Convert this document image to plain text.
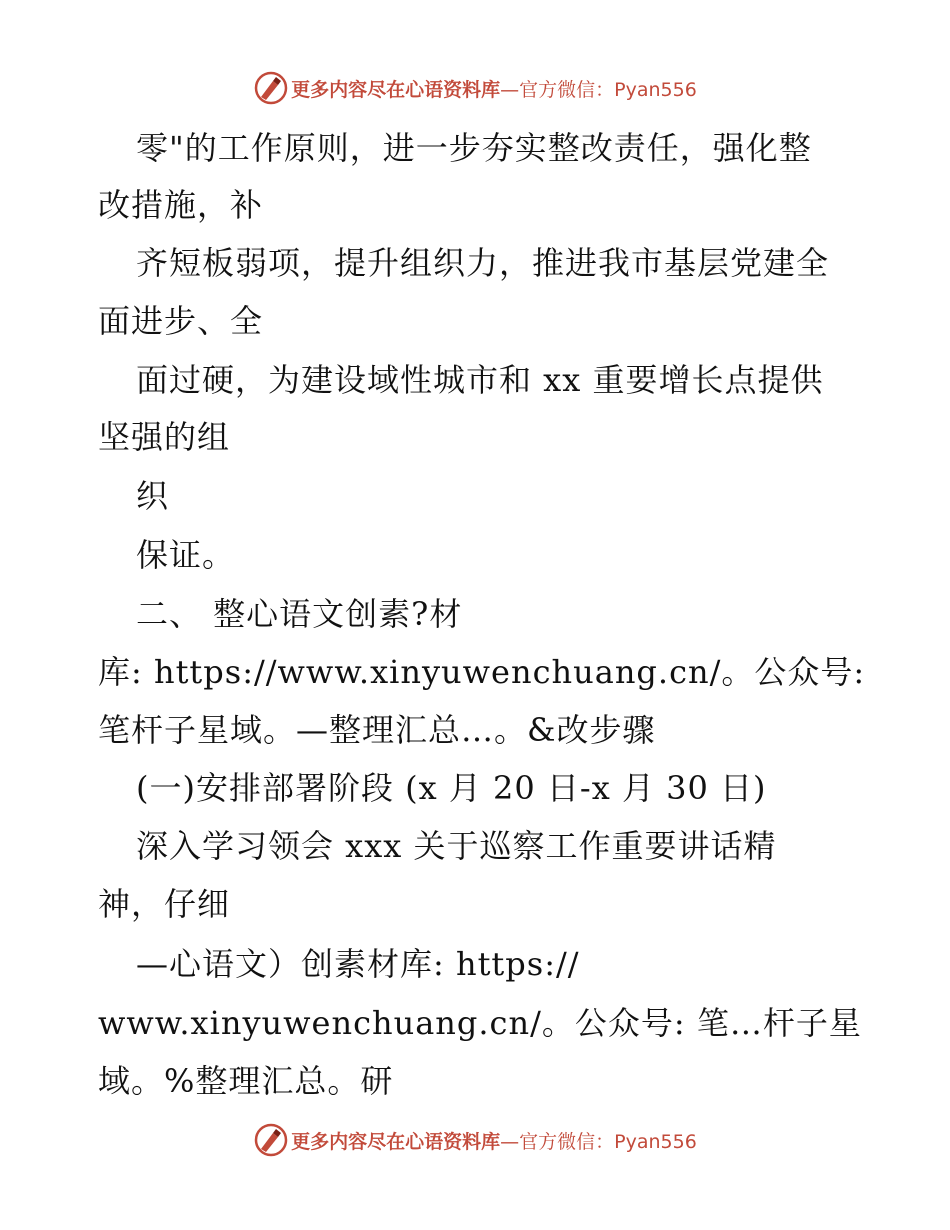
更多内容尽在心语资料库 —官方微信：Pyan556
零"的工作原则，进一步夯实整改责任，强化整
改措施，补
齐短板弱项，提升组织力，推进我市基层党建全
面进步、全
面过硬，为建设域性城市和 xx 重要增长点提供
坚强的组
织
保证。
二、 整心语文创素?材
库: https://www.xinyuwenchuang.cn/。公众号:
笔杆子星域。—整理汇总…。&改步骤
(一)安排部署阶段 (x 月 20 日-x 月 30 日)
深入学习领会 xxx 关于巡察工作重要讲话精
神，仔细
—心语文）创素材库: https://
www.xinyuwenchuang.cn/。公众号: 笔…杆子星
域。%整理汇总。研
更多内容尽在心语资料库 —官方微信：Pyan556
